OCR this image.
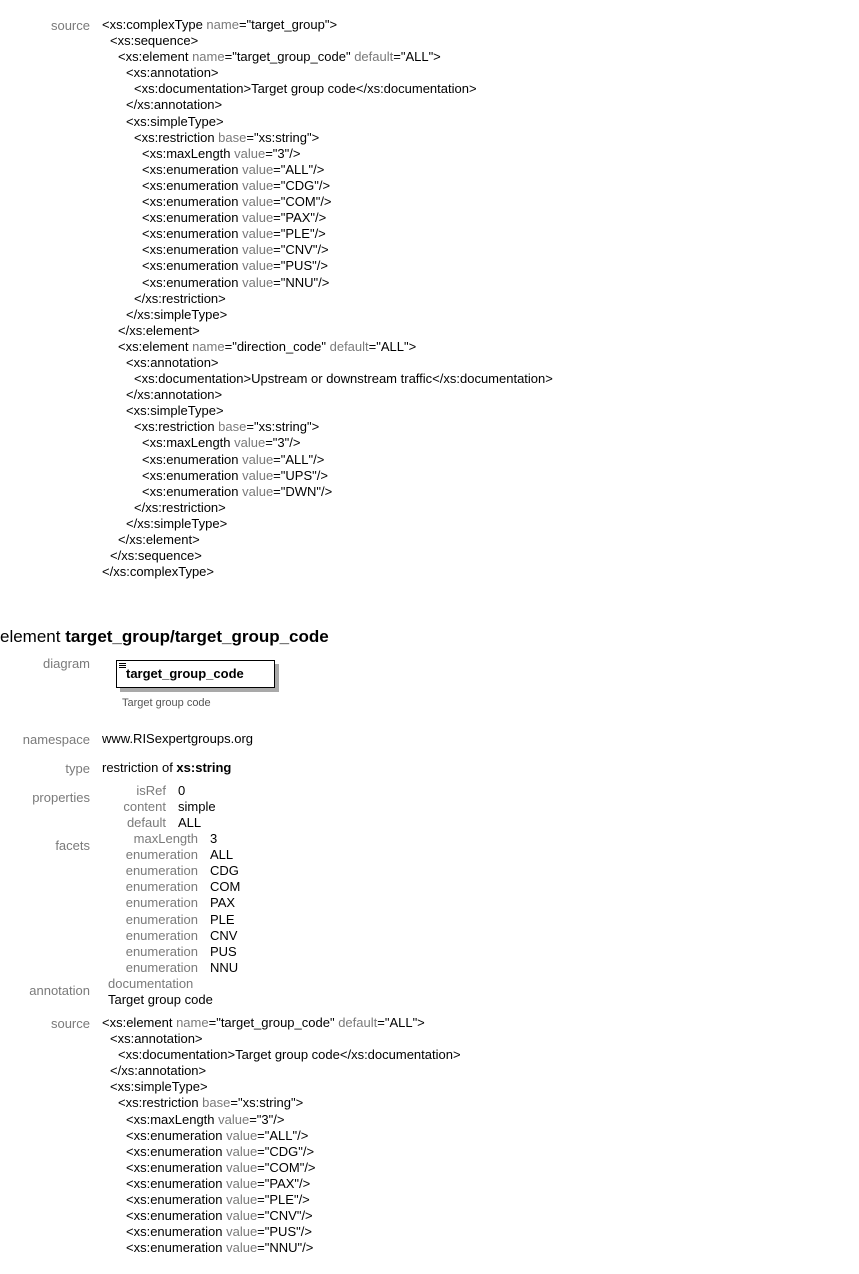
source <xs:complexType name="target_group">
<xs:sequence>
<xs:element name="target_group_code" default="ALL">
<xs:annotation>
<xs:documentation>Target group code</xs:documentation>
</xs:annotation>
<xs:simpleType>
<xs:restriction base="xs:string">
<xs:maxLength value="3"/>
<xs:enumeration value="ALL"/>
<xs:enumeration value="CDG"/>
<xs:enumeration value="COM"/>
<xs:enumeration value="PAX"/>
<xs:enumeration value="PLE"/>
<xs:enumeration value="CNV"/>
<xs:enumeration value="PUS"/>
<xs:enumeration value="NNU"/>
</xs:restriction>
</xs:simpleType>
</xs:element>
<xs:element name="direction_code" default="ALL">
<xs:annotation>
<xs:documentation>Upstream or downstream traffic</xs:documentation>
</xs:annotation>
<xs:simpleType>
<xs:restriction base="xs:string">
<xs:maxLength value="3"/>
<xs:enumeration value="ALL"/>
<xs:enumeration value="UPS"/>
<xs:enumeration value="DWN"/>
</xs:restriction>
</xs:simpleType>
</xs:element>
</xs:sequence>
</xs:complexType>
element target_group/target_group_code
diagram
target_group_code
Target group code
namespace www.RISexpertgroups.org
type restriction of xs:string
properties	isRef 0
content simple
default ALL
facets	maxLength 3
enumeration ALL
enumeration CDG
enumeration COM
enumeration PAX
enumeration PLE
enumeration CNV
enumeration PUS
enumeration NNU
annotation documentation
Target group code
source <xs:element name="target_group_code" default="ALL">
<xs:annotation>
<xs:documentation>Target group code</xs:documentation>
</xs:annotation>
<xs:simpleType>
<xs:restriction base="xs:string">
<xs:maxLength value="3"/>
<xs:enumeration value="ALL"/>
<xs:enumeration value="CDG"/>
<xs:enumeration value="COM"/>
<xs:enumeration value="PAX"/>
<xs:enumeration value="PLE"/>
<xs:enumeration value="CNV"/>
<xs:enumeration value="PUS"/>
<xs:enumeration value="NNU"/>
